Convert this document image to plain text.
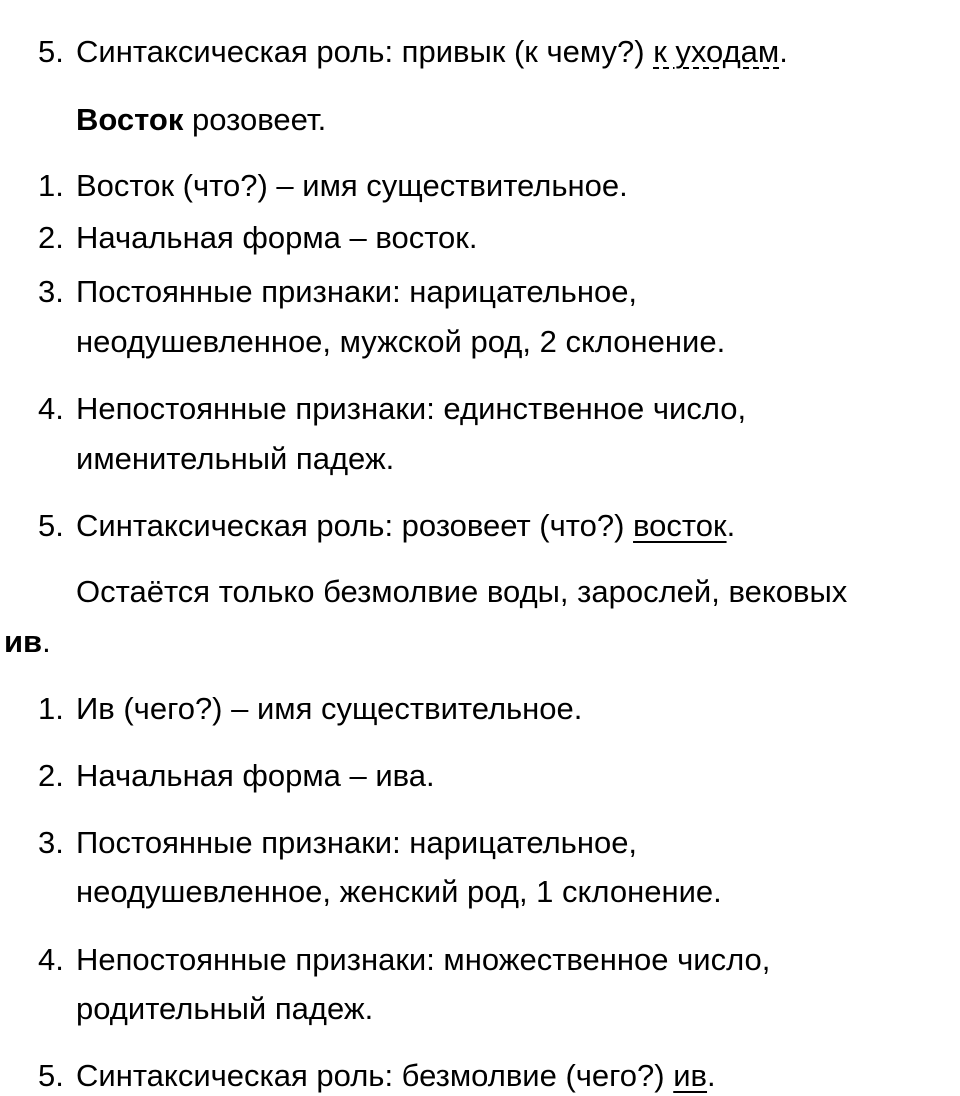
5. Синтаксическая роль: привык (к чему?) к уходам.
Восток розовеет.
1. Восток (что?) – имя существительное.
2. Начальная форма – восток.
3. Постоянные признаки: нарицательное,
неодушевленное, мужской род, 2 склонение.
4. Непостоянные признаки: единственное число,
именительный падеж.
5. Синтаксическая роль: розовеет (что?) восток.
Остаётся только безмолвие воды, зарослей, вековых
ив.
1. Ив (чего?) – имя существительное.
2. Начальная форма – ива.
3. Постоянные признаки: нарицательное,
неодушевленное, женский род, 1 склонение.
4. Непостоянные признаки: множественное число,
родительный падеж.
5. Синтаксическая роль: безмолвие (чего?) ив.
